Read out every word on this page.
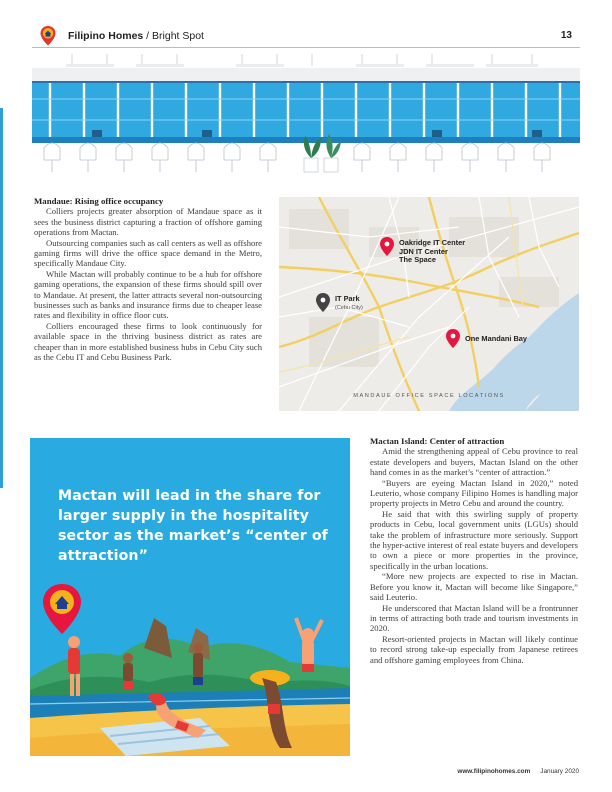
Filipino Homes / Bright Spot	13
Mandaue: Rising office occupancy

Colliers projects greater absorption of Mandaue space as it sees the business district capturing a fraction of offshore gaming operations from Mactan.

Outsourcing companies such as call centers as well as offshore gaming firms will drive the office space demand in the Metro, specifically Mandaue City.

While Mactan will probably continue to be a hub for offshore gaming operations, the expansion of these firms should spill over to Mandaue. At present, the latter attracts several non-outsourcing businesses such as banks and insurance firms due to cheaper lease rates and flexibility in office floor cuts.

Colliers encouraged these firms to look continuously for available space in the thriving business district as rates are cheaper than in more established business hubs in Cebu City such as the Cebu IT and Cebu Business Park.

Oakridge IT Center
JDN IT Center
The Space
IT Park
(Cebu City)
One Mandani Bay
MANDAUE OFFICE SPACE LOCATIONS
Mactan will lead in the share for larger supply in the hospitality sector as the market’s “center of attraction”
Mactan Island: Center of attraction

Amid the strengthening appeal of Cebu province to real estate developers and buyers, Mactan Island on the other hand comes in as the market’s “center of attraction.”

“Buyers are eyeing Mactan Island in 2020,” noted Leuterio, whose company Filipino Homes is handling major property projects in Metro Cebu and around the country.

He said that with this swirling supply of property products in Cebu, local government units (LGUs) should take the problem of infrastructure more seriously. Support the hyper-active interest of real estate buyers and developers to own a piece or more properties in the province, specifically in the urban locations.

“More new projects are expected to rise in Mactan. Before you know it, Mactan will become like Singapore,” said Leuterio.

He underscored that Mactan Island will be a frontrunner in terms of attracting both trade and tourism investments in 2020.

Resort-oriented projects in Mactan will likely continue to record strong take-up especially from Japanese retirees and offshore gaming employees from China.

www.filipinohomes.com January 2020
